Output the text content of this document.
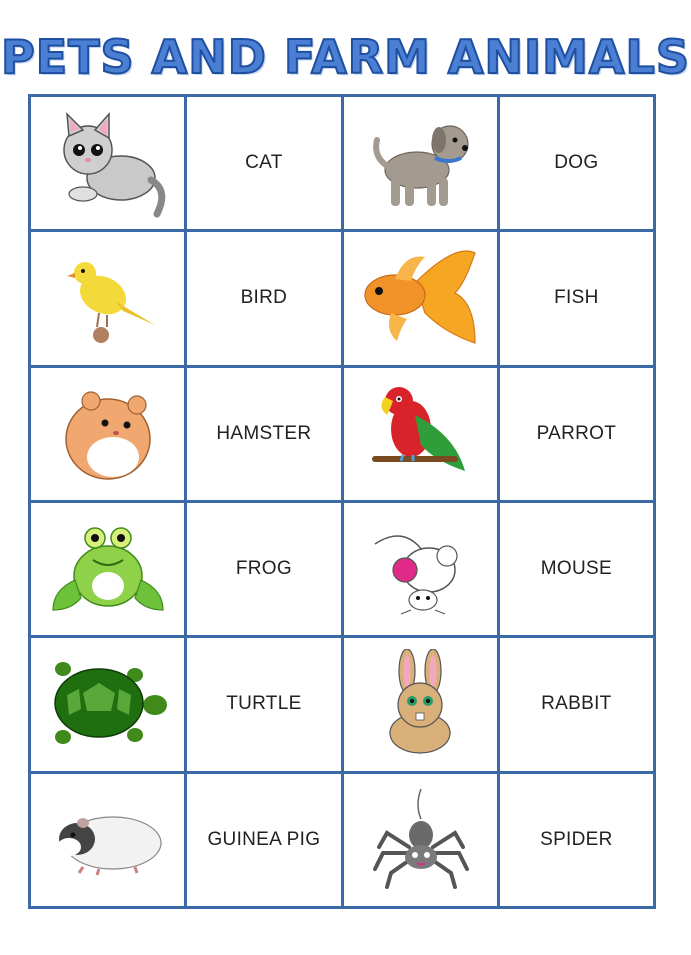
PETS AND FARM ANIMALS
CAT	DOG
BIRD	FISH
HAMSTER	PARROT
FROG	MOUSE
TURTLE	RABBIT
GUINEA PIG	SPIDER
